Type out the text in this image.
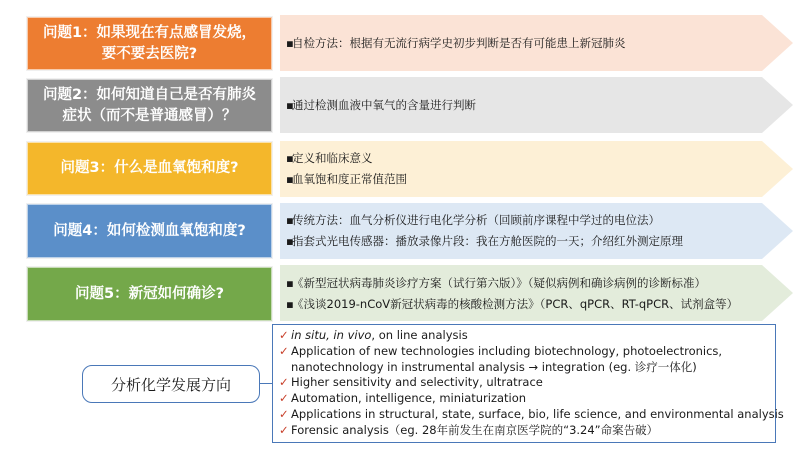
问题1：如果现在有点感冒发烧，要不要去医院?
▪自检方法：根据有无流行病学史初步判断是否有可能患上新冠肺炎
问题2：如何知道自己是否有肺炎症状（而不是普通感冒）？
▪通过检测血液中氧气的含量进行判断
问题3：什么是血氧饱和度?
▪定义和临床意义
▪血氧饱和度正常值范围
问题4：如何检测血氧饱和度?
▪传统方法：血气分析仪进行电化学分析（回顾前序课程中学过的电位法）
▪指套式光电传感器：播放录像片段：我在方舱医院的一天；介绍红外测定原理
问题5：新冠如何确诊?
▪《新型冠状病毒肺炎诊疗方案（试行第六版）》（疑似病例和确诊病例的诊断标准）
▪《浅谈2019-nCoV新冠状病毒的核酸检测方法》（PCR、qPCR、RT-qPCR、试剂盒等）
分析化学发展方向
✓ in situ, in vivo, on line analysis
✓ Application of new technologies including biotechnology, photoelectronics,
nanotechnology in instrumental analysis → integration (eg. 诊疗一体化)
✓ Higher sensitivity and selectivity, ultratrace
✓ Automation, intelligence, miniaturization
✓ Applications in structural, state, surface, bio, life science, and environmental analysis
✓ Forensic analysis（eg. 28年前发生在南京医学院的“3.24”命案告破）
